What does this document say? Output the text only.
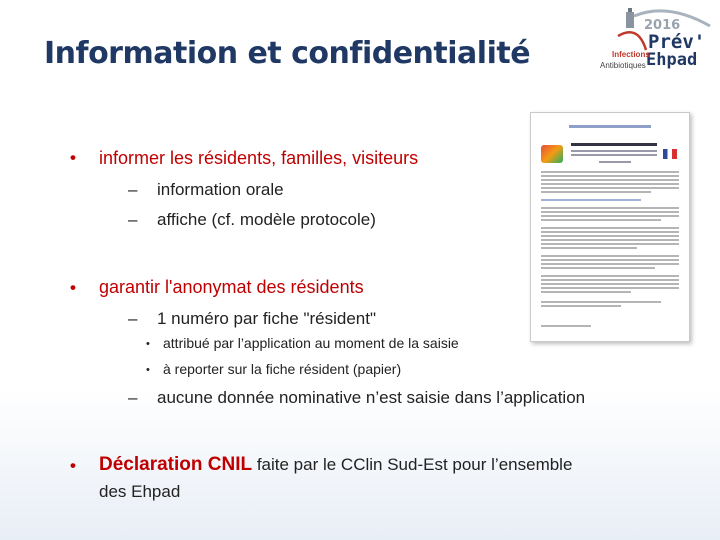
Information et confidentialité
2016
Prév'
Ehpad
Infections
Antibiotiques
• informer les résidents, familles, visiteurs
– information orale
– affiche (cf. modèle protocole)
• garantir l'anonymat des résidents
– 1 numéro par fiche "résident"
• attribué par l’application au moment de la saisie
• à reporter sur la fiche résident (papier)
– aucune donnée nominative n’est saisie dans l’application
• Déclaration CNIL faite par le CClin Sud-Est pour l’ensemble
des Ehpad
